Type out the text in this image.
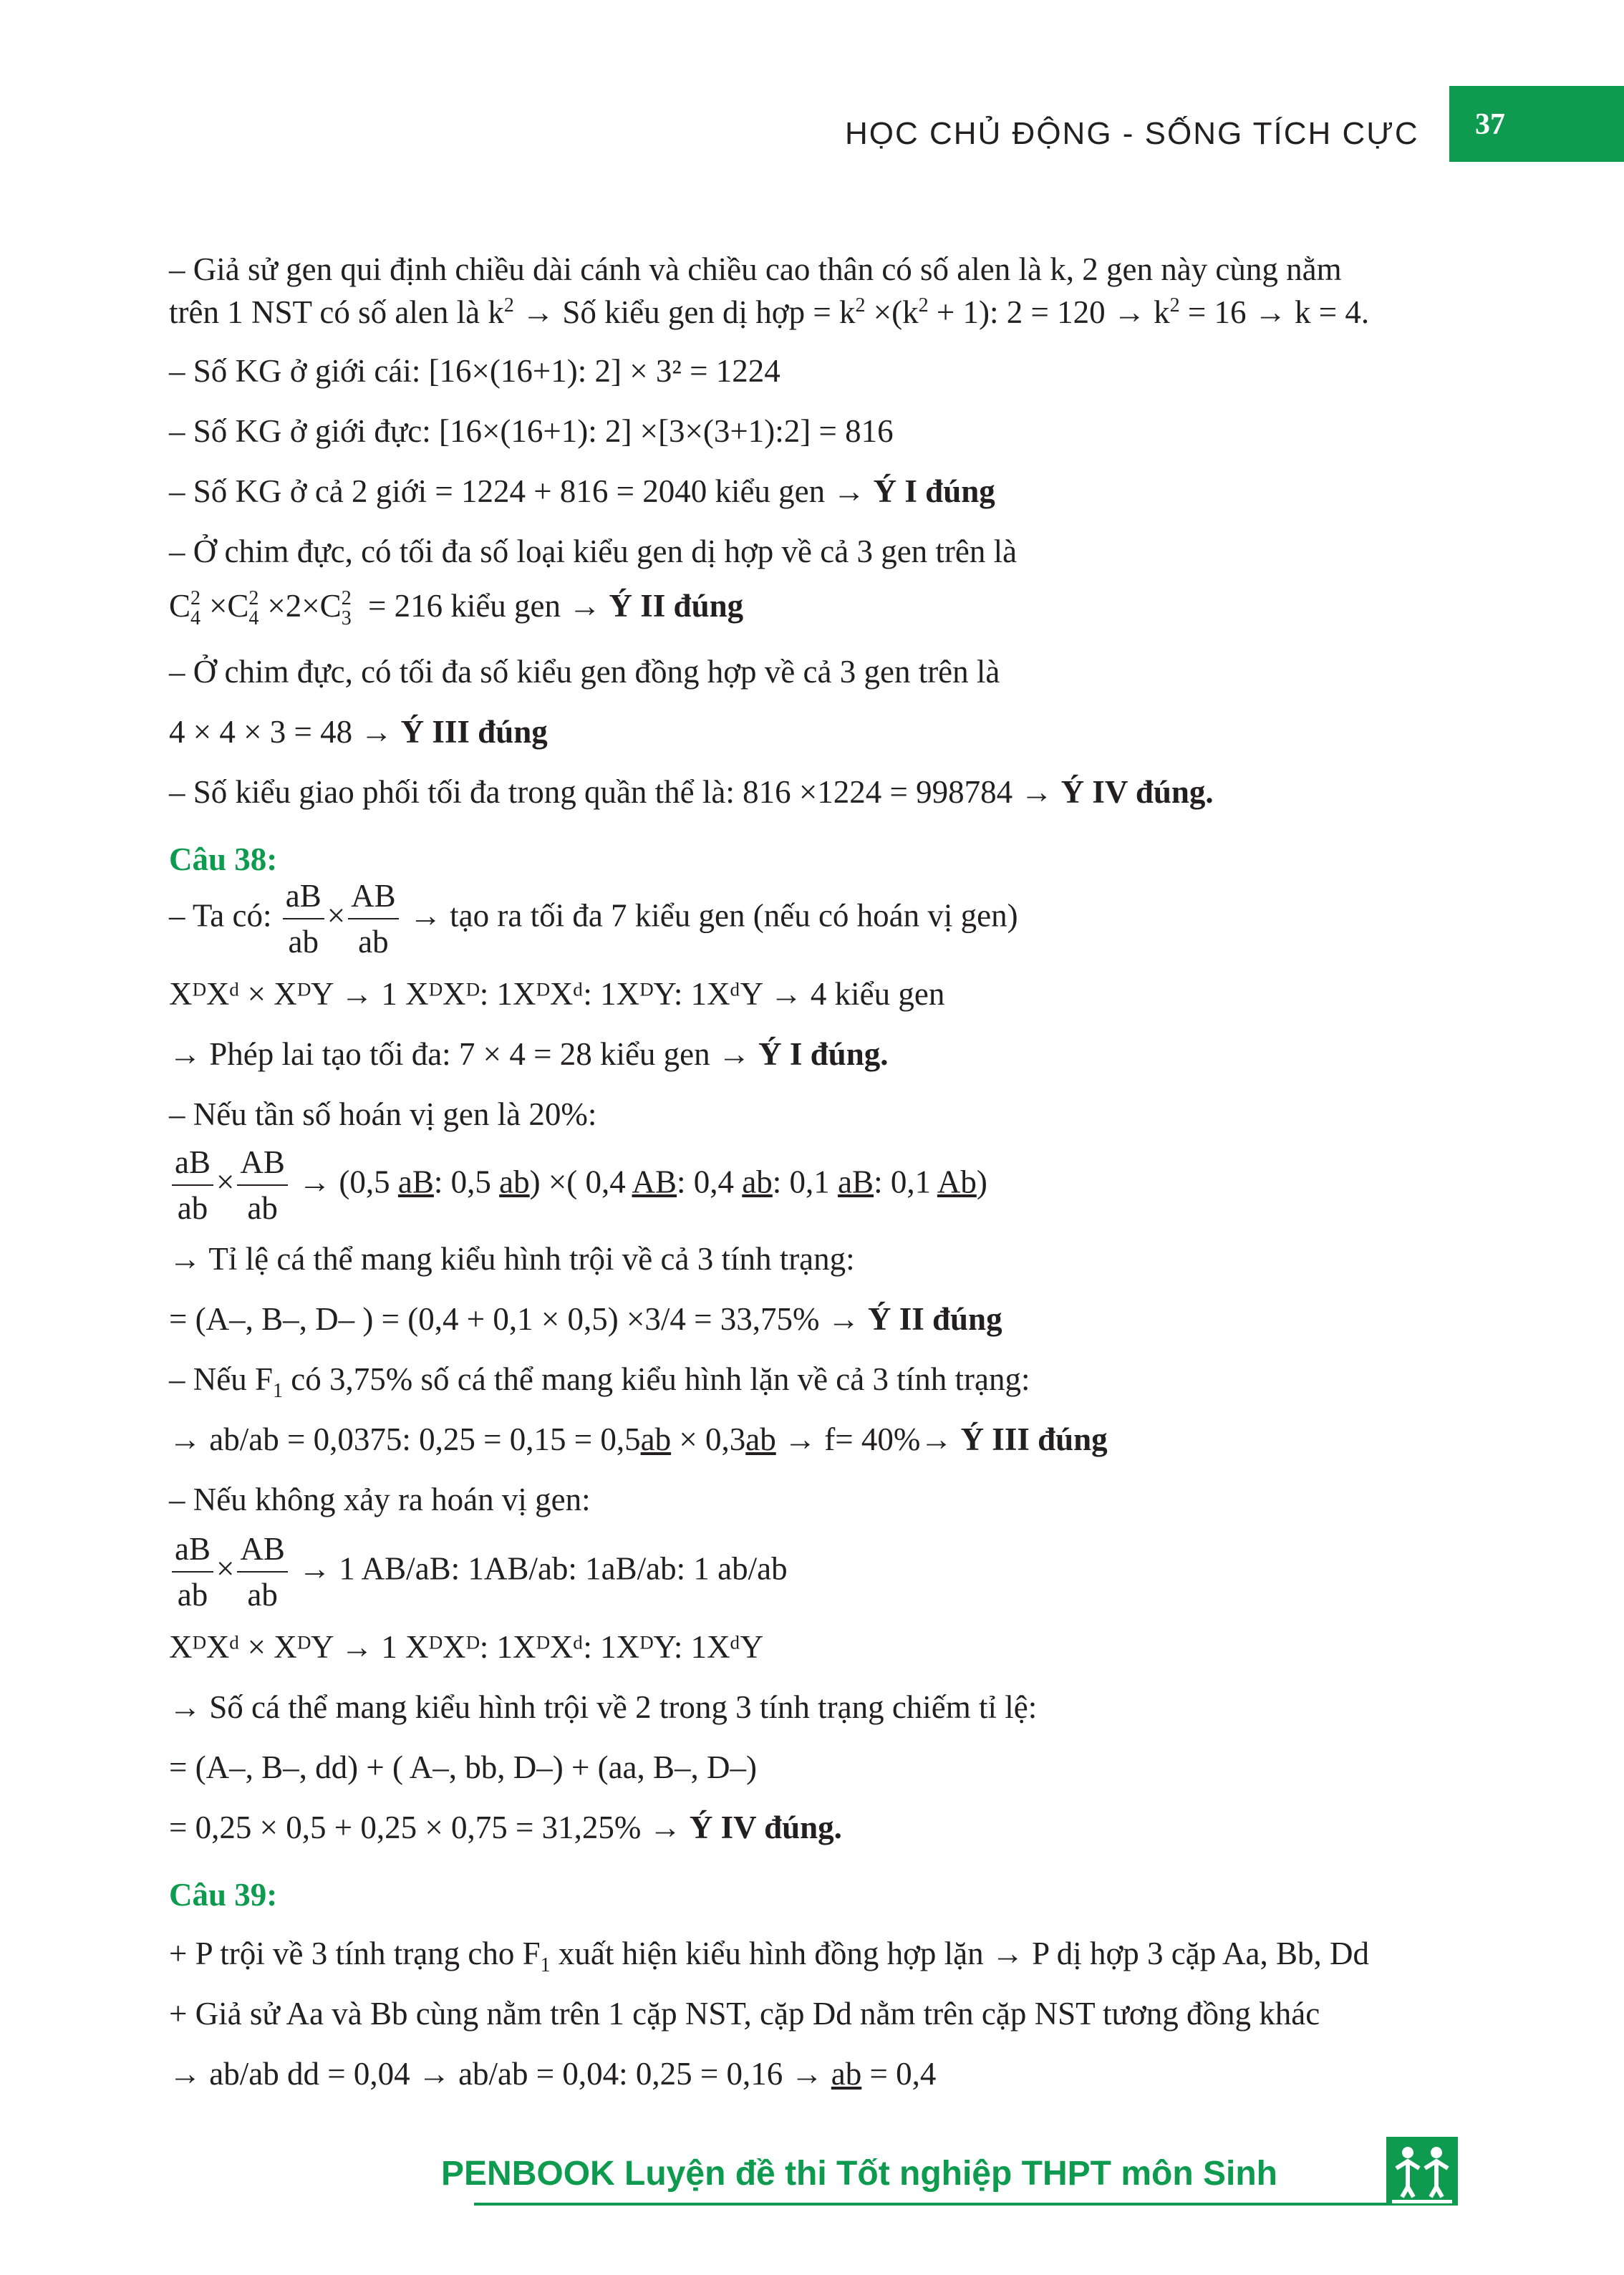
HỌC CHỦ ĐỘNG - SỐNG TÍCH CỰC 37
– Giả sử gen qui định chiều dài cánh và chiều cao thân có số alen là k, 2 gen này cùng nằm
trên 1 NST có số alen là $k^2$ → Số kiểu gen dị hợp = $k^2 \times(k^2 + 1)$: $2 = 120 \to k^2 = 16 \to k = 4$.
– Số KG ở giới cái: [16×(16+1): 2] × 3² = 1224
– Số KG ở giới đực: [16×(16+1): 2] ×[3×(3+1):2] = 816
– Số KG ở cả 2 giới = 1224 + 816 = 2040 kiểu gen → Ý I đúng
– Ở chim đực, có tối đa số loại kiểu gen dị hợp về cả 3 gen trên là
C 2
4 ×C 2
4 ×2×C 2
3 = 216 kiểu gen → Ý II đúng
– Ở chim đực, có tối đa số kiểu gen đồng hợp về cả 3 gen trên là
4 × 4 × 3 = 48 → Ý III đúng
– Số kiểu giao phối tối đa trong quần thể là: 816 ×1224 = 998784 → Ý IV đúng.
Câu 38:
– Ta có: $\frac{aB}{ab} \times \frac{AB}{ab}$ → tạo ra tối đa 7 kiểu gen (nếu có hoán vị gen)
XᴰXᵈ × XᴰY → 1 XᴰXᴰ: 1XᴰXᵈ: 1XᴰY: 1XᵈY → 4 kiểu gen
→ Phép lai tạo tối đa: 7 × 4 = 28 kiểu gen → Ý I đúng.
– Nếu tần số hoán vị gen là 20%:
$\frac{aB}{ab} \times \frac{AB}{ab} \to (0,5$ aB: 0,5 ab) ×( 0,4 AB: 0,4 ab: 0,1 aB: 0,1 Ab)
→ Tỉ lệ cá thể mang kiểu hình trội về cả 3 tính trạng:
= (A–, B–, D– ) = (0,4 + 0,1 × 0,5) ×3/4 = 33,75% → Ý II đúng
– Nếu $F_1$ có 3,75% số cá thể mang kiểu hình lặn về cả 3 tính trạng:
→ ab/ab = 0,0375: 0,25 = 0,15 = 0,5ab × 0,3ab → f= 40%→ Ý III đúng
– Nếu không xảy ra hoán vị gen:
$\frac{aB}{ab} \times \frac{AB}{ab} \to 1$ AB/aB: 1AB/ab: 1aB/ab: 1 ab/ab
XᴰXᵈ × XᴰY → 1 XᴰXᴰ: 1XᴰXᵈ: 1XᴰY: 1XᵈY
→ Số cá thể mang kiểu hình trội về 2 trong 3 tính trạng chiếm tỉ lệ:
= (A–, B–, dd) + ( A–, bb, D–) + (aa, B–, D–)
= 0,25 × 0,5 + 0,25 × 0,75 = 31,25% → Ý IV đúng.
Câu 39:
+ P trội về 3 tính trạng cho $F_1$ xuất hiện kiểu hình đồng hợp lặn → P dị hợp 3 cặp Aa, Bb, Dd
+ Giả sử Aa và Bb cùng nằm trên 1 cặp NST, cặp Dd nằm trên cặp NST tương đồng khác
→ ab/ab dd = 0,04 → ab/ab = 0,04: 0,25 = 0,16 → ab = 0,4
PENBOOK Luyện đề thi Tốt nghiệp THPT môn Sinh
